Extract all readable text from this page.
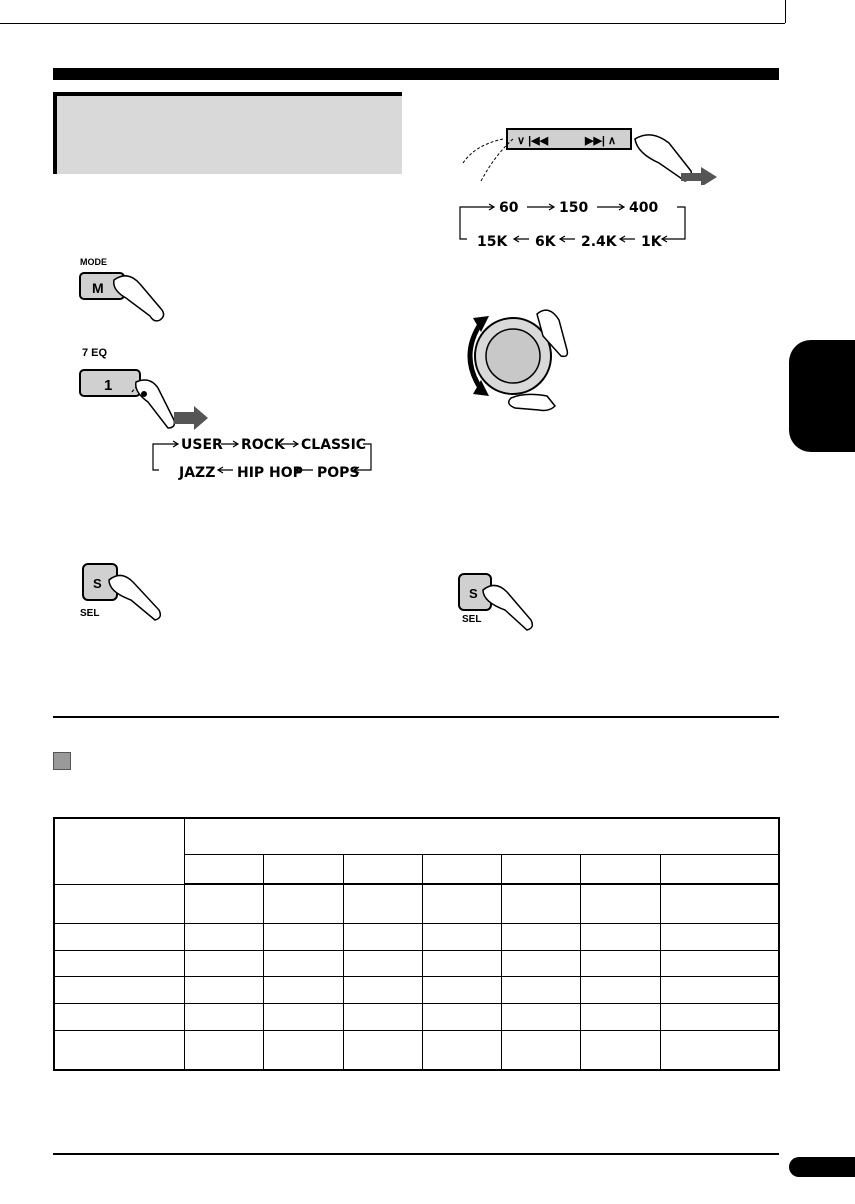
MODE
M
7 EQ
1
USER ROCK CLASSIC
JAZZ HIP HOP POPS
S
SEL
∨ |◀◀	▶▶| ∧
60	150	400
15K 6K 2.4K 1K
S
SEL
